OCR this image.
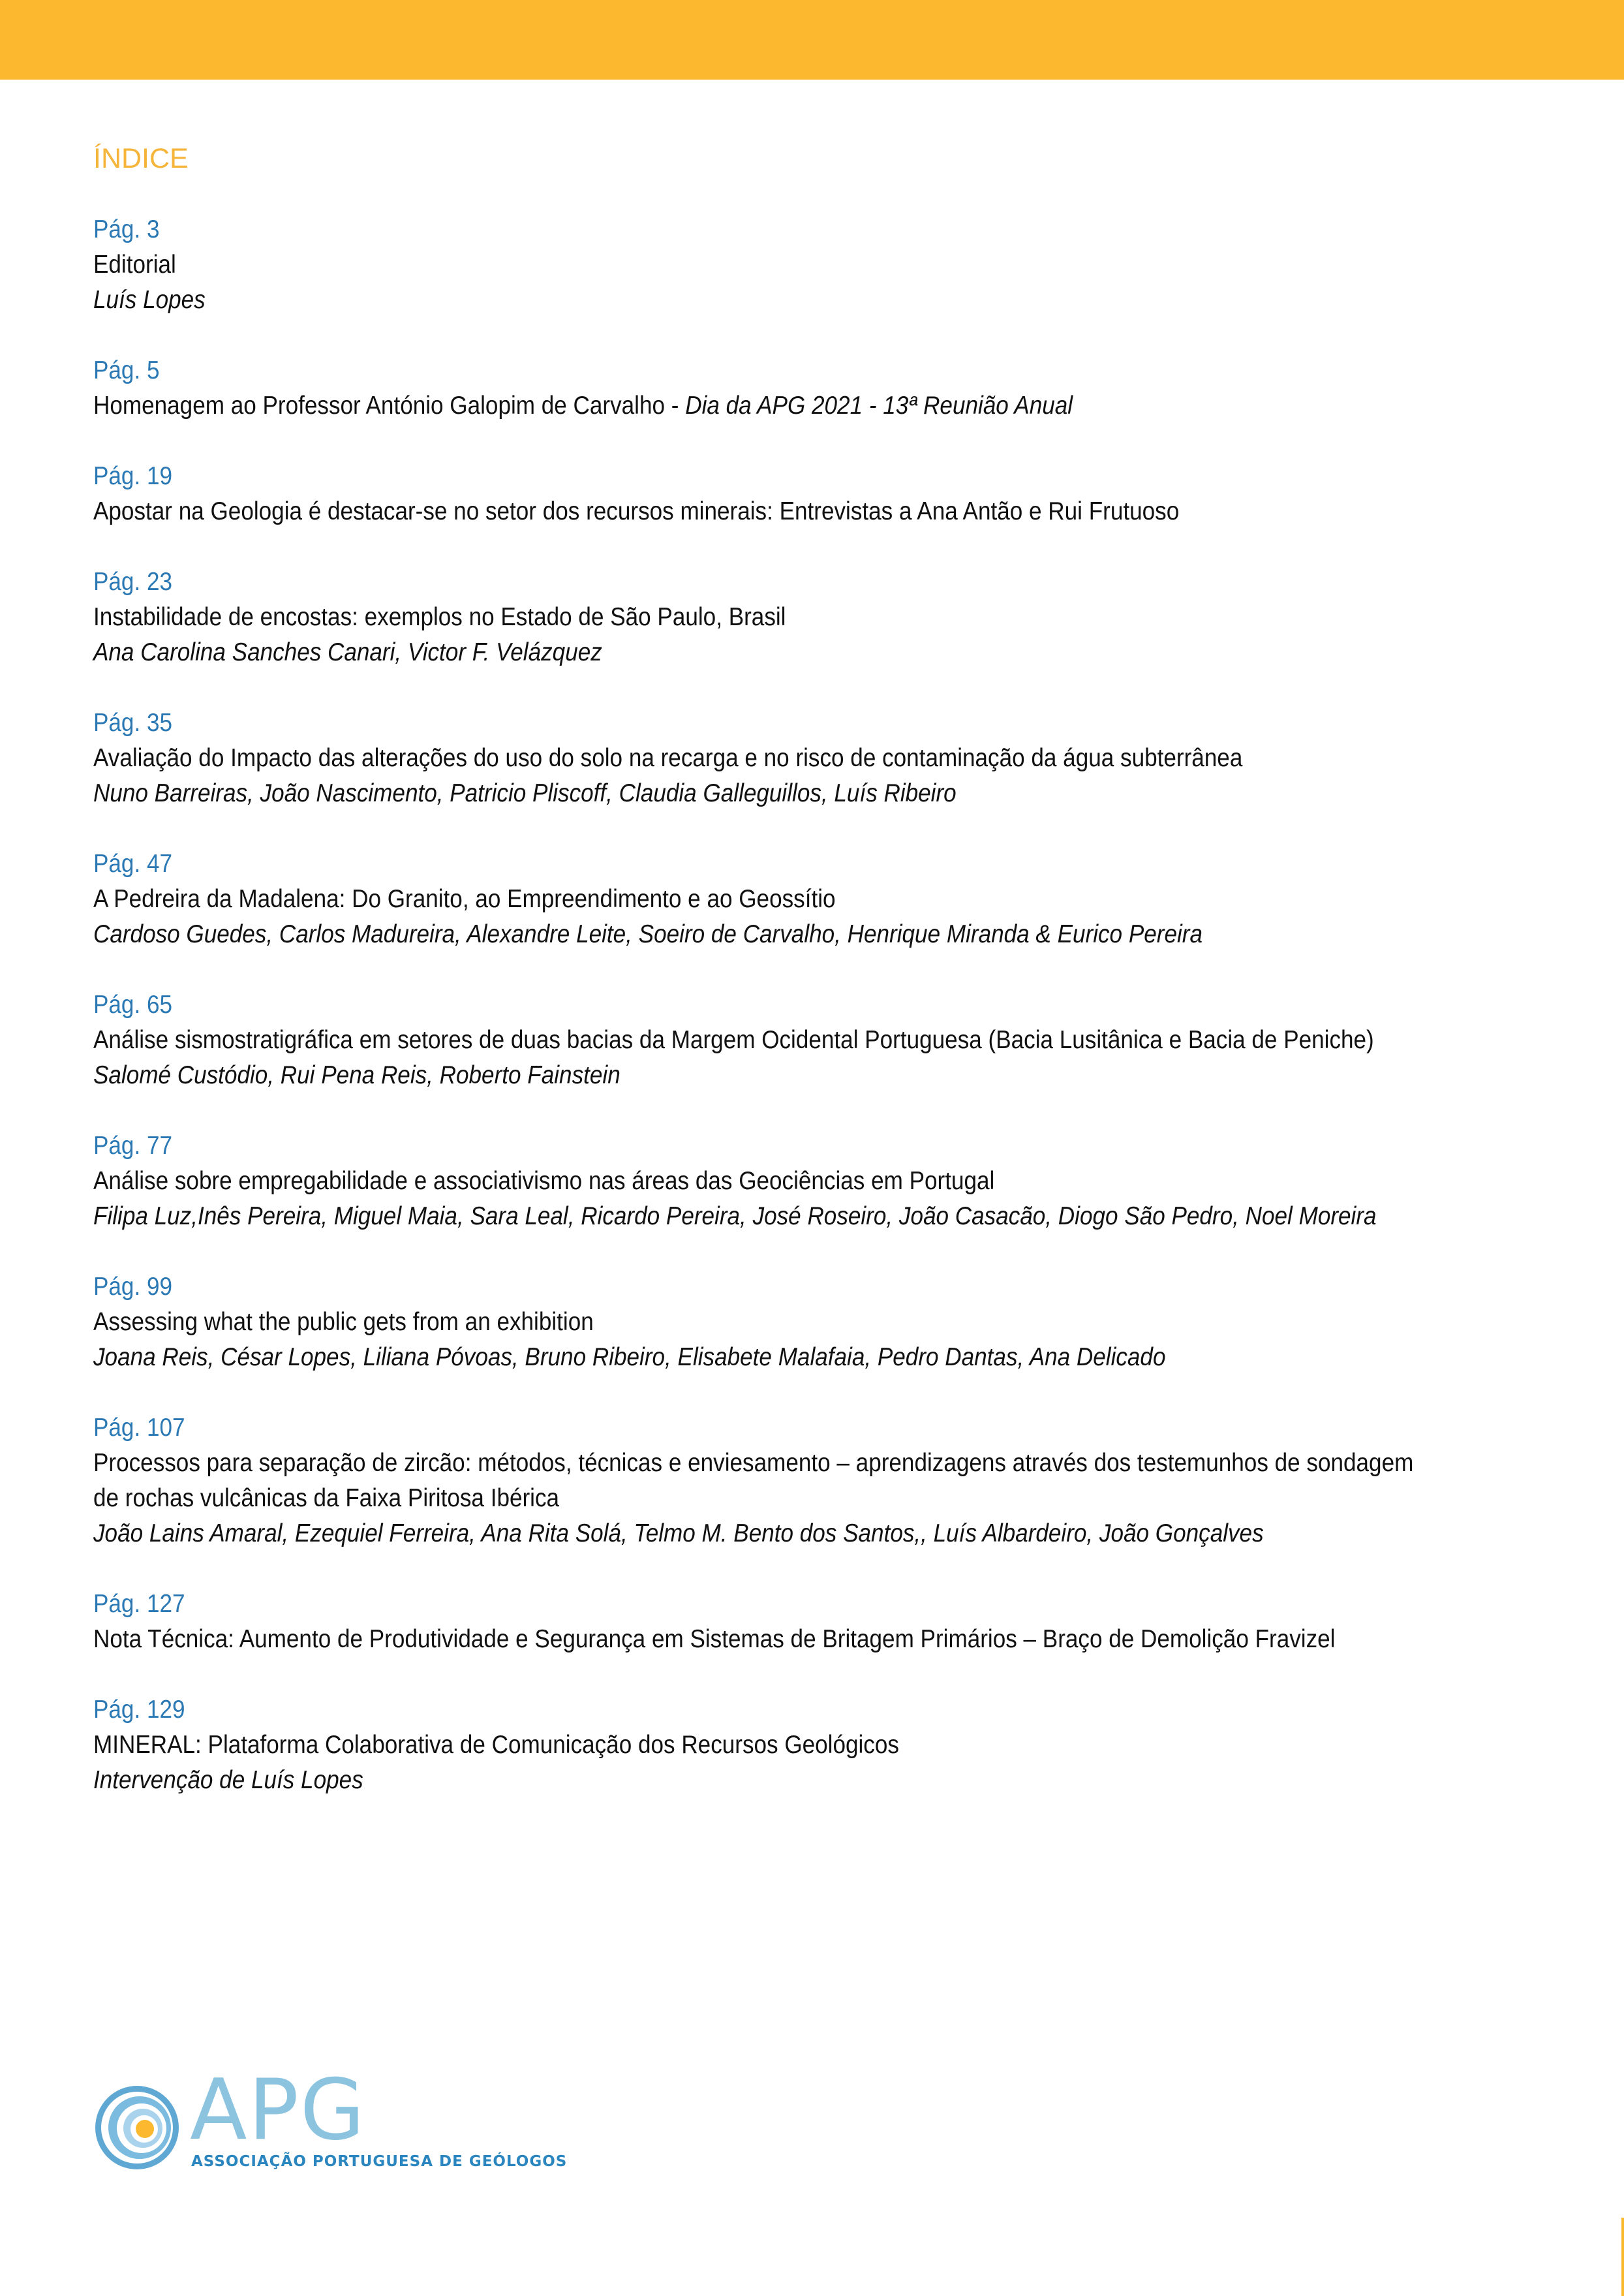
ÍNDICE
Pág. 3
Editorial
Luís Lopes
Pág. 5
Homenagem ao Professor António Galopim de Carvalho - Dia da APG 2021 - 13ª Reunião Anual
Pág. 19
Apostar na Geologia é destacar-se no setor dos recursos minerais: Entrevistas a Ana Antão e Rui Frutuoso
Pág. 23
Instabilidade de encostas: exemplos no Estado de São Paulo, Brasil
Ana Carolina Sanches Canari, Victor F. Velázquez
Pág. 35
Avaliação do Impacto das alterações do uso do solo na recarga e no risco de contaminação da água subterrânea
Nuno Barreiras, João Nascimento, Patricio Pliscoff, Claudia Galleguillos, Luís Ribeiro
Pág. 47
A Pedreira da Madalena: Do Granito, ao Empreendimento e ao Geossítio
Cardoso Guedes, Carlos Madureira, Alexandre Leite, Soeiro de Carvalho, Henrique Miranda & Eurico Pereira
Pág. 65
Análise sismostratigráfica em setores de duas bacias da Margem Ocidental Portuguesa (Bacia Lusitânica e Bacia de Peniche)
Salomé Custódio, Rui Pena Reis, Roberto Fainstein
Pág. 77
Análise sobre empregabilidade e associativismo nas áreas das Geociências em Portugal
Filipa Luz,Inês Pereira, Miguel Maia, Sara Leal, Ricardo Pereira, José Roseiro, João Casacão, Diogo São Pedro, Noel Moreira
Pág. 99
Assessing what the public gets from an exhibition
Joana Reis, César Lopes, Liliana Póvoas, Bruno Ribeiro, Elisabete Malafaia, Pedro Dantas, Ana Delicado
Pág. 107
Processos para separação de zircão: métodos, técnicas e enviesamento – aprendizagens através dos testemunhos de sondagem
de rochas vulcânicas da Faixa Piritosa Ibérica
João Lains Amaral, Ezequiel Ferreira, Ana Rita Solá, Telmo M. Bento dos Santos,, Luís Albardeiro, João Gonçalves
Pág. 127
Nota Técnica: Aumento de Produtividade e Segurança em Sistemas de Britagem Primários – Braço de Demolição Fravizel
Pág. 129
MINERAL: Plataforma Colaborativa de Comunicação dos Recursos Geológicos
Intervenção de Luís Lopes
APG
ASSOCIAÇÃO PORTUGUESA DE GEÓLOGOS
